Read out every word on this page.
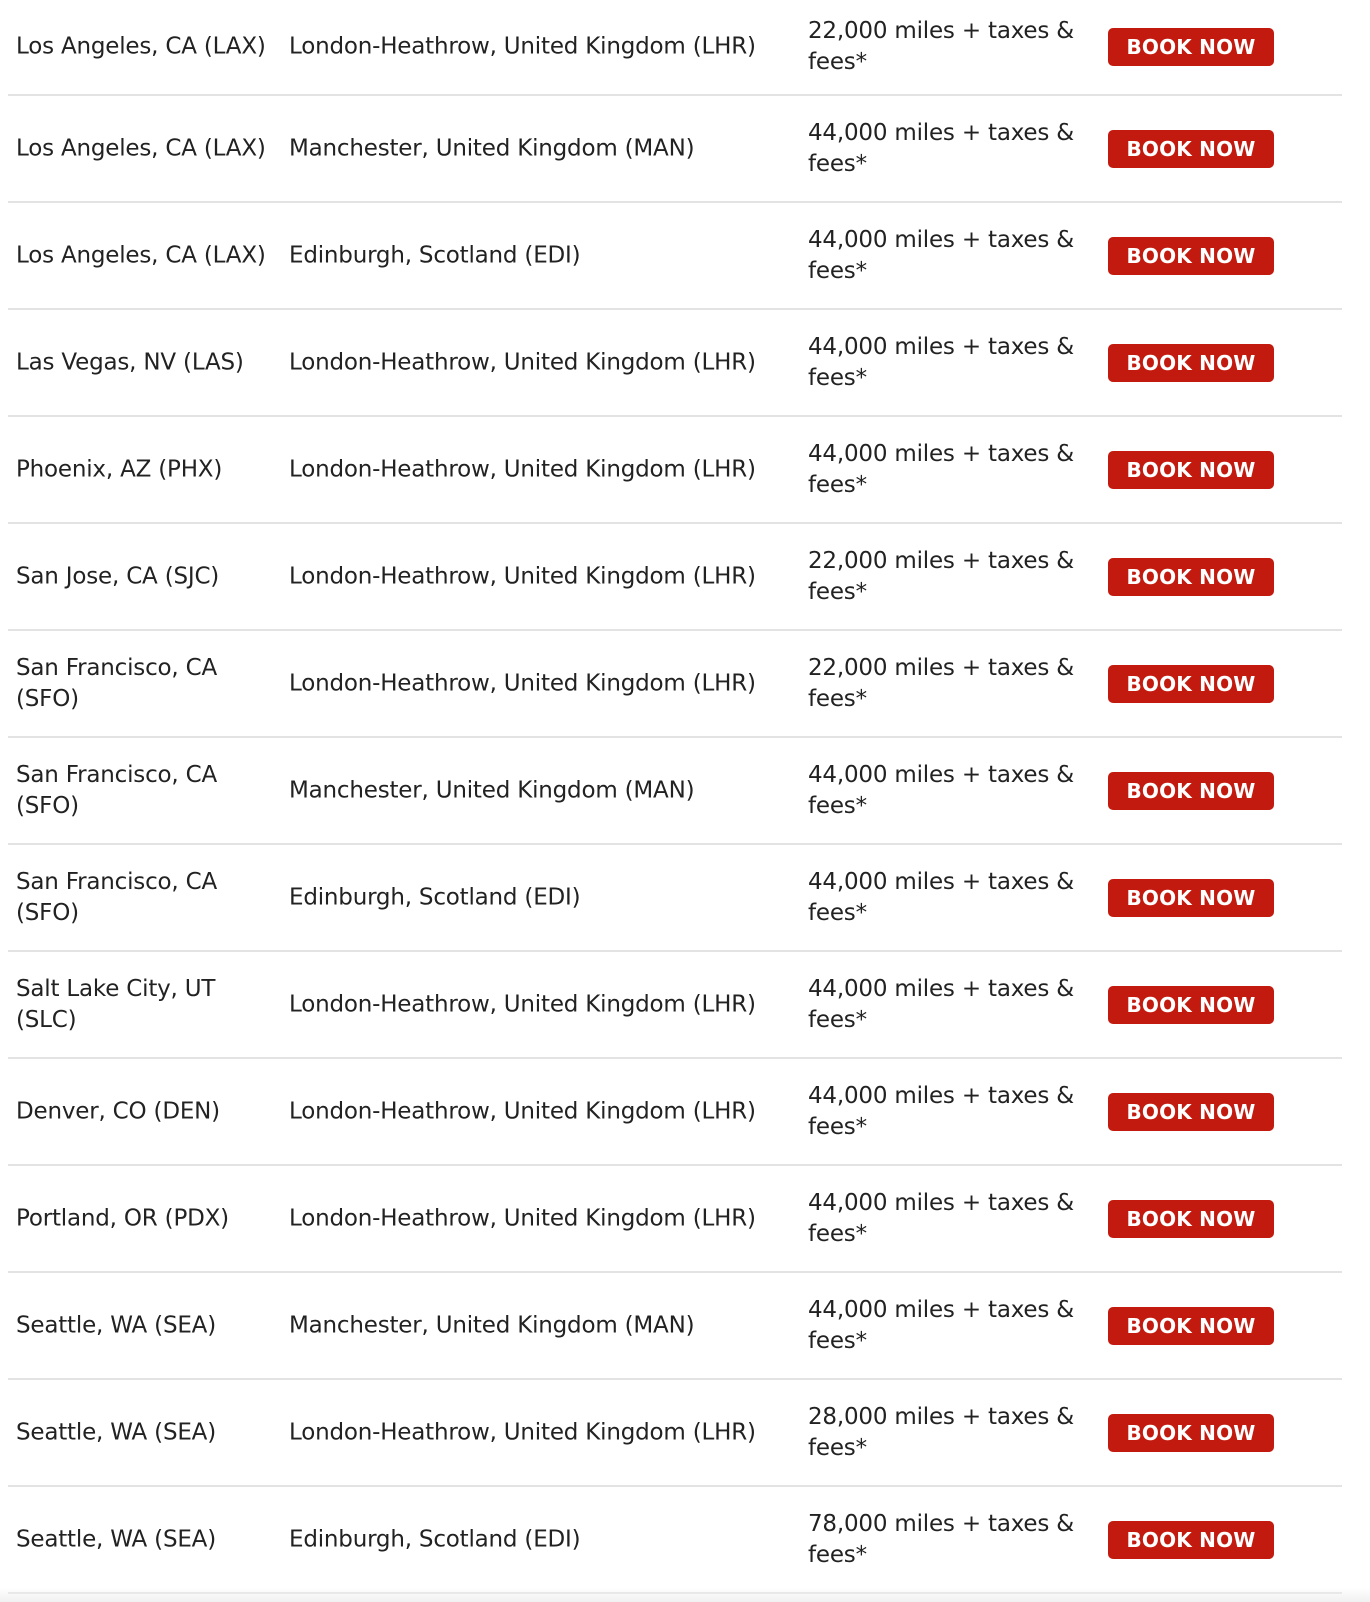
Los Angeles, CA (LAX)	London-Heathrow, United Kingdom (LHR)
22,000 miles + taxes & fees*
BOOK NOW
Los Angeles, CA (LAX)	Manchester, United Kingdom (MAN)
44,000 miles + taxes & fees*
BOOK NOW
Los Angeles, CA (LAX)	Edinburgh, Scotland (EDI)
44,000 miles + taxes & fees*
BOOK NOW
Las Vegas, NV (LAS)	London-Heathrow, United Kingdom (LHR)
44,000 miles + taxes & fees*
BOOK NOW
Phoenix, AZ (PHX)	London-Heathrow, United Kingdom (LHR)
44,000 miles + taxes & fees*
BOOK NOW
San Jose, CA (SJC)	London-Heathrow, United Kingdom (LHR)
22,000 miles + taxes & fees*
BOOK NOW
San Francisco, CA (SFO)
London-Heathrow, United Kingdom (LHR)
22,000 miles + taxes & fees*
BOOK NOW
San Francisco, CA (SFO)
Manchester, United Kingdom (MAN)
44,000 miles + taxes & fees*
BOOK NOW
San Francisco, CA (SFO)
Edinburgh, Scotland (EDI)
44,000 miles + taxes & fees*
BOOK NOW
Salt Lake City, UT (SLC)
London-Heathrow, United Kingdom (LHR)
44,000 miles + taxes & fees*
BOOK NOW
Denver, CO (DEN)	London-Heathrow, United Kingdom (LHR)
44,000 miles + taxes & fees*
BOOK NOW
Portland, OR (PDX)	London-Heathrow, United Kingdom (LHR)
44,000 miles + taxes & fees*
BOOK NOW
Seattle, WA (SEA)	Manchester, United Kingdom (MAN)
44,000 miles + taxes & fees*
BOOK NOW
Seattle, WA (SEA)	London-Heathrow, United Kingdom (LHR)
28,000 miles + taxes & fees*
BOOK NOW
Seattle, WA (SEA)	Edinburgh, Scotland (EDI)
78,000 miles + taxes & fees*
BOOK NOW
